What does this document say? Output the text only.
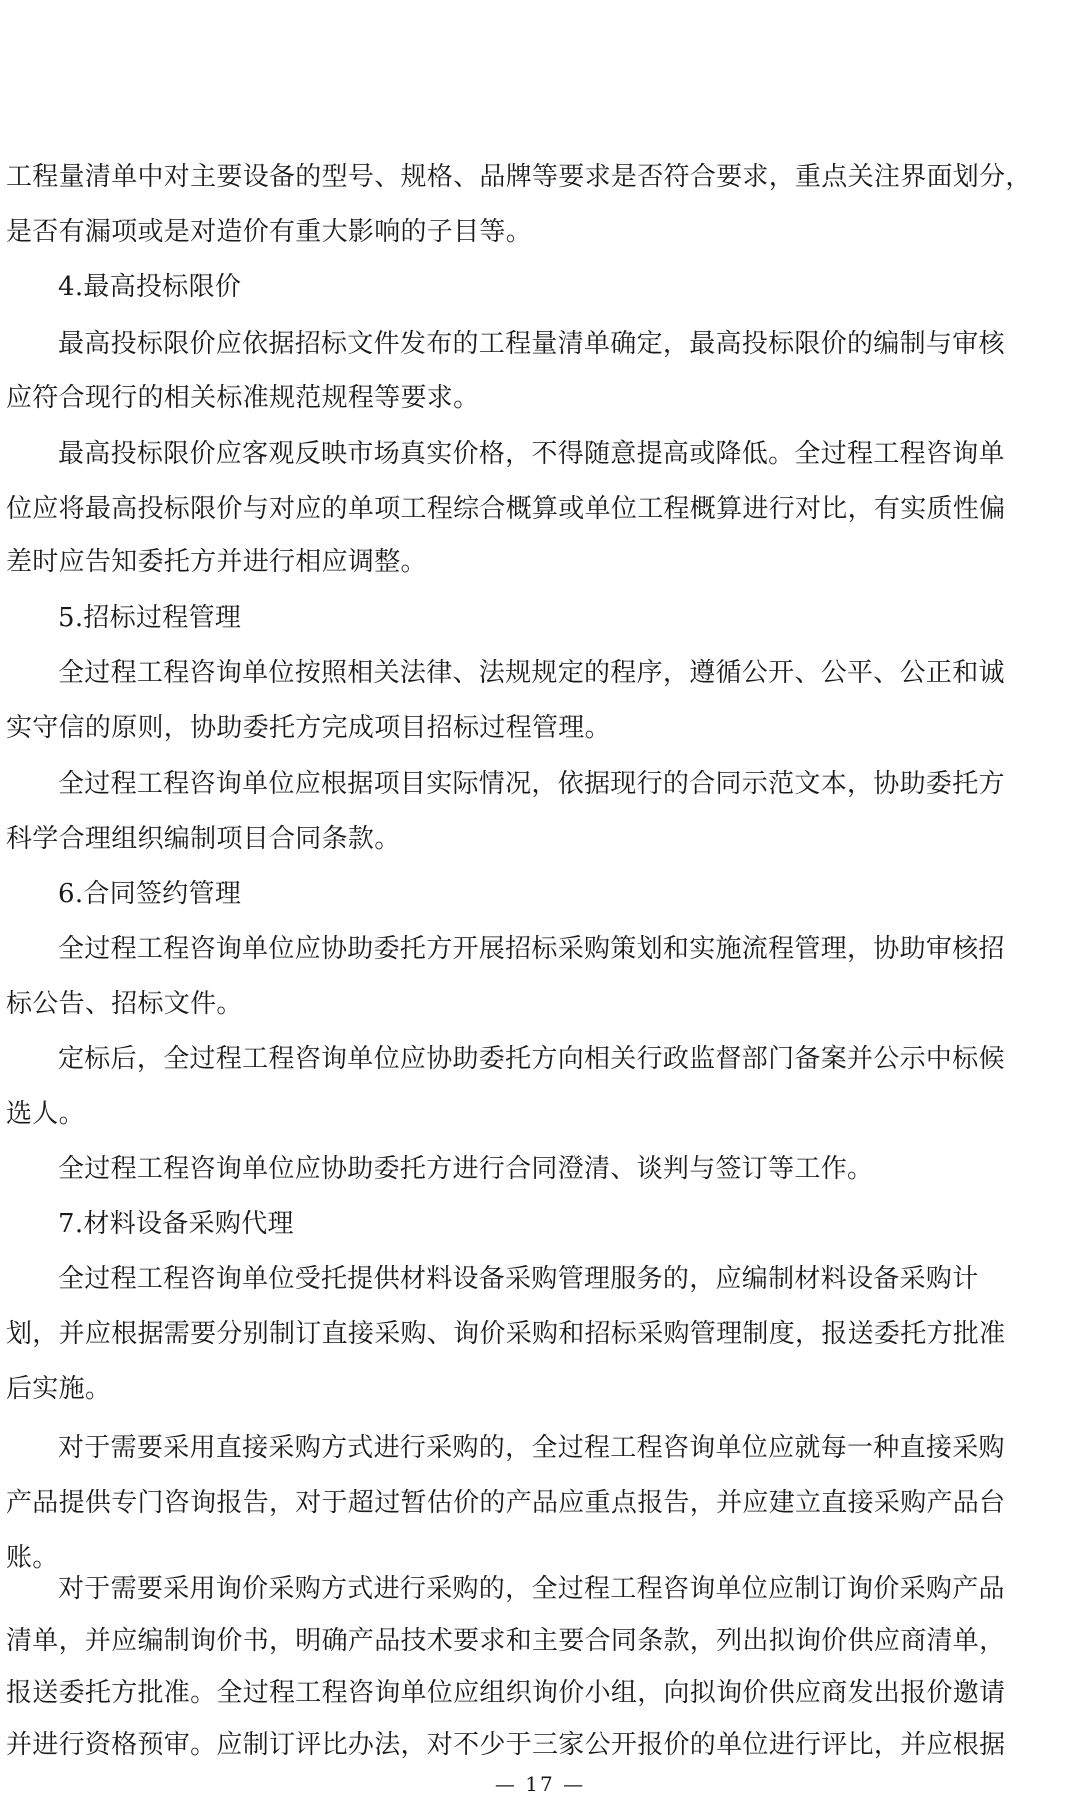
工程量清单中对主要设备的型号、规格、品牌等要求是否符合要求，重点关注界面划分，
是否有漏项或是对造价有重大影响的子目等。
4.最高投标限价
最高投标限价应依据招标文件发布的工程量清单确定，最高投标限价的编制与审核
应符合现行的相关标准规范规程等要求。
最高投标限价应客观反映市场真实价格，不得随意提高或降低。全过程工程咨询单
位应将最高投标限价与对应的单项工程综合概算或单位工程概算进行对比，有实质性偏
差时应告知委托方并进行相应调整。
5.招标过程管理
全过程工程咨询单位按照相关法律、法规规定的程序，遵循公开、公平、公正和诚
实守信的原则，协助委托方完成项目招标过程管理。
全过程工程咨询单位应根据项目实际情况，依据现行的合同示范文本，协助委托方
科学合理组织编制项目合同条款。
6.合同签约管理
全过程工程咨询单位应协助委托方开展招标采购策划和实施流程管理，协助审核招
标公告、招标文件。
定标后，全过程工程咨询单位应协助委托方向相关行政监督部门备案并公示中标候
选人。
全过程工程咨询单位应协助委托方进行合同澄清、谈判与签订等工作。
7.材料设备采购代理
全过程工程咨询单位受托提供材料设备采购管理服务的，应编制材料设备采购计
划，并应根据需要分别制订直接采购、询价采购和招标采购管理制度，报送委托方批准
后实施。
对于需要采用直接采购方式进行采购的，全过程工程咨询单位应就每一种直接采购
产品提供专门咨询报告，对于超过暂估价的产品应重点报告，并应建立直接采购产品台
账。
对于需要采用询价采购方式进行采购的，全过程工程咨询单位应制订询价采购产品
清单，并应编制询价书，明确产品技术要求和主要合同条款，列出拟询价供应商清单，
报送委托方批准。全过程工程咨询单位应组织询价小组，向拟询价供应商发出报价邀请
并进行资格预审。应制订评比办法，对不少于三家公开报价的单位进行评比，并应根据
— 17 —
